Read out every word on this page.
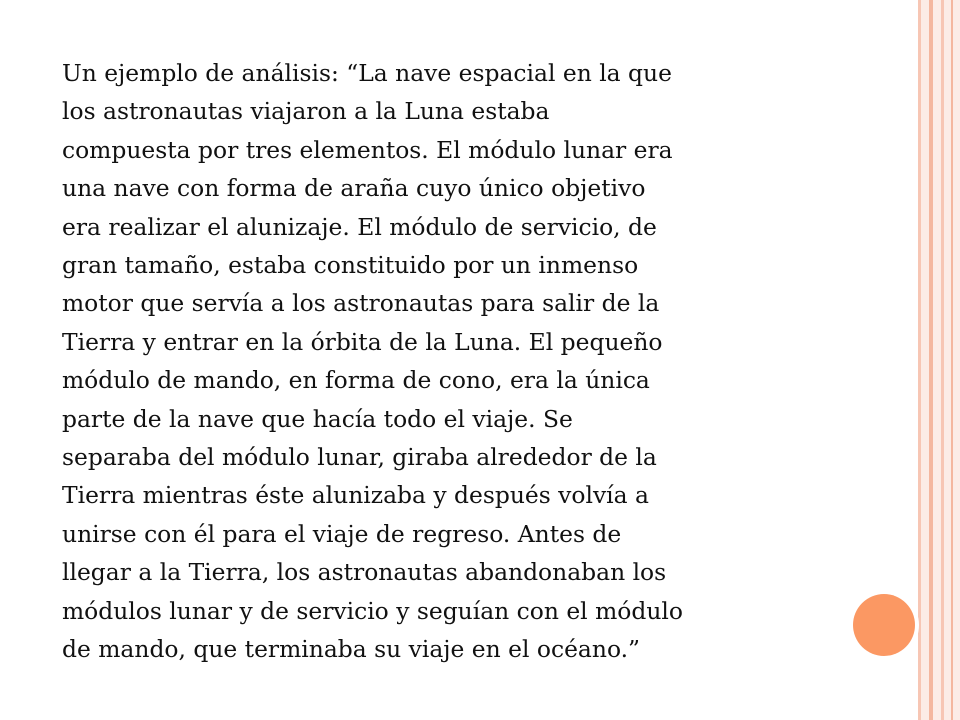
Un ejemplo de análisis: “La nave espacial en la que
los astronautas viajaron a la Luna estaba
compuesta por tres elementos. El módulo lunar era
una nave con forma de araña cuyo único objetivo
era realizar el alunizaje. El módulo de servicio, de
gran tamaño, estaba constituido por un inmenso
motor que servía a los astronautas para salir de la
Tierra y entrar en la órbita de la Luna. El pequeño
módulo de mando, en forma de cono, era la única
parte de la nave que hacía todo el viaje. Se
separaba del módulo lunar, giraba alrededor de la
Tierra mientras éste alunizaba y después volvía a
unirse con él para el viaje de regreso. Antes de
llegar a la Tierra, los astronautas abandonaban los
módulos lunar y de servicio y seguían con el módulo
de mando, que terminaba su viaje en el océano.”
